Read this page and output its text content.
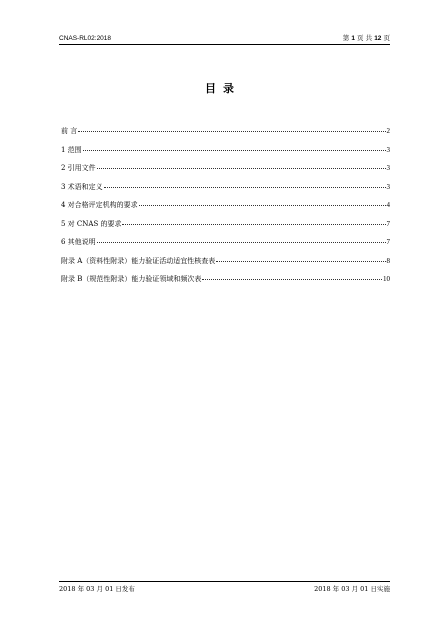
CNAS-RL02:2018	第 1 页 共 12 页
目录
前 言	2
1 范围	3
2 引用文件	3
3 术语和定义	3
4 对合格评定机构的要求	4
5 对 CNAS 的要求	7
6 其他说明	7
附录 A（资料性附录）能力验证活动适宜性核查表	8
附录 B（规范性附录）能力验证领域和频次表	10
2018 年 03 月 01 日发布	2018 年 03 月 01 日实施
